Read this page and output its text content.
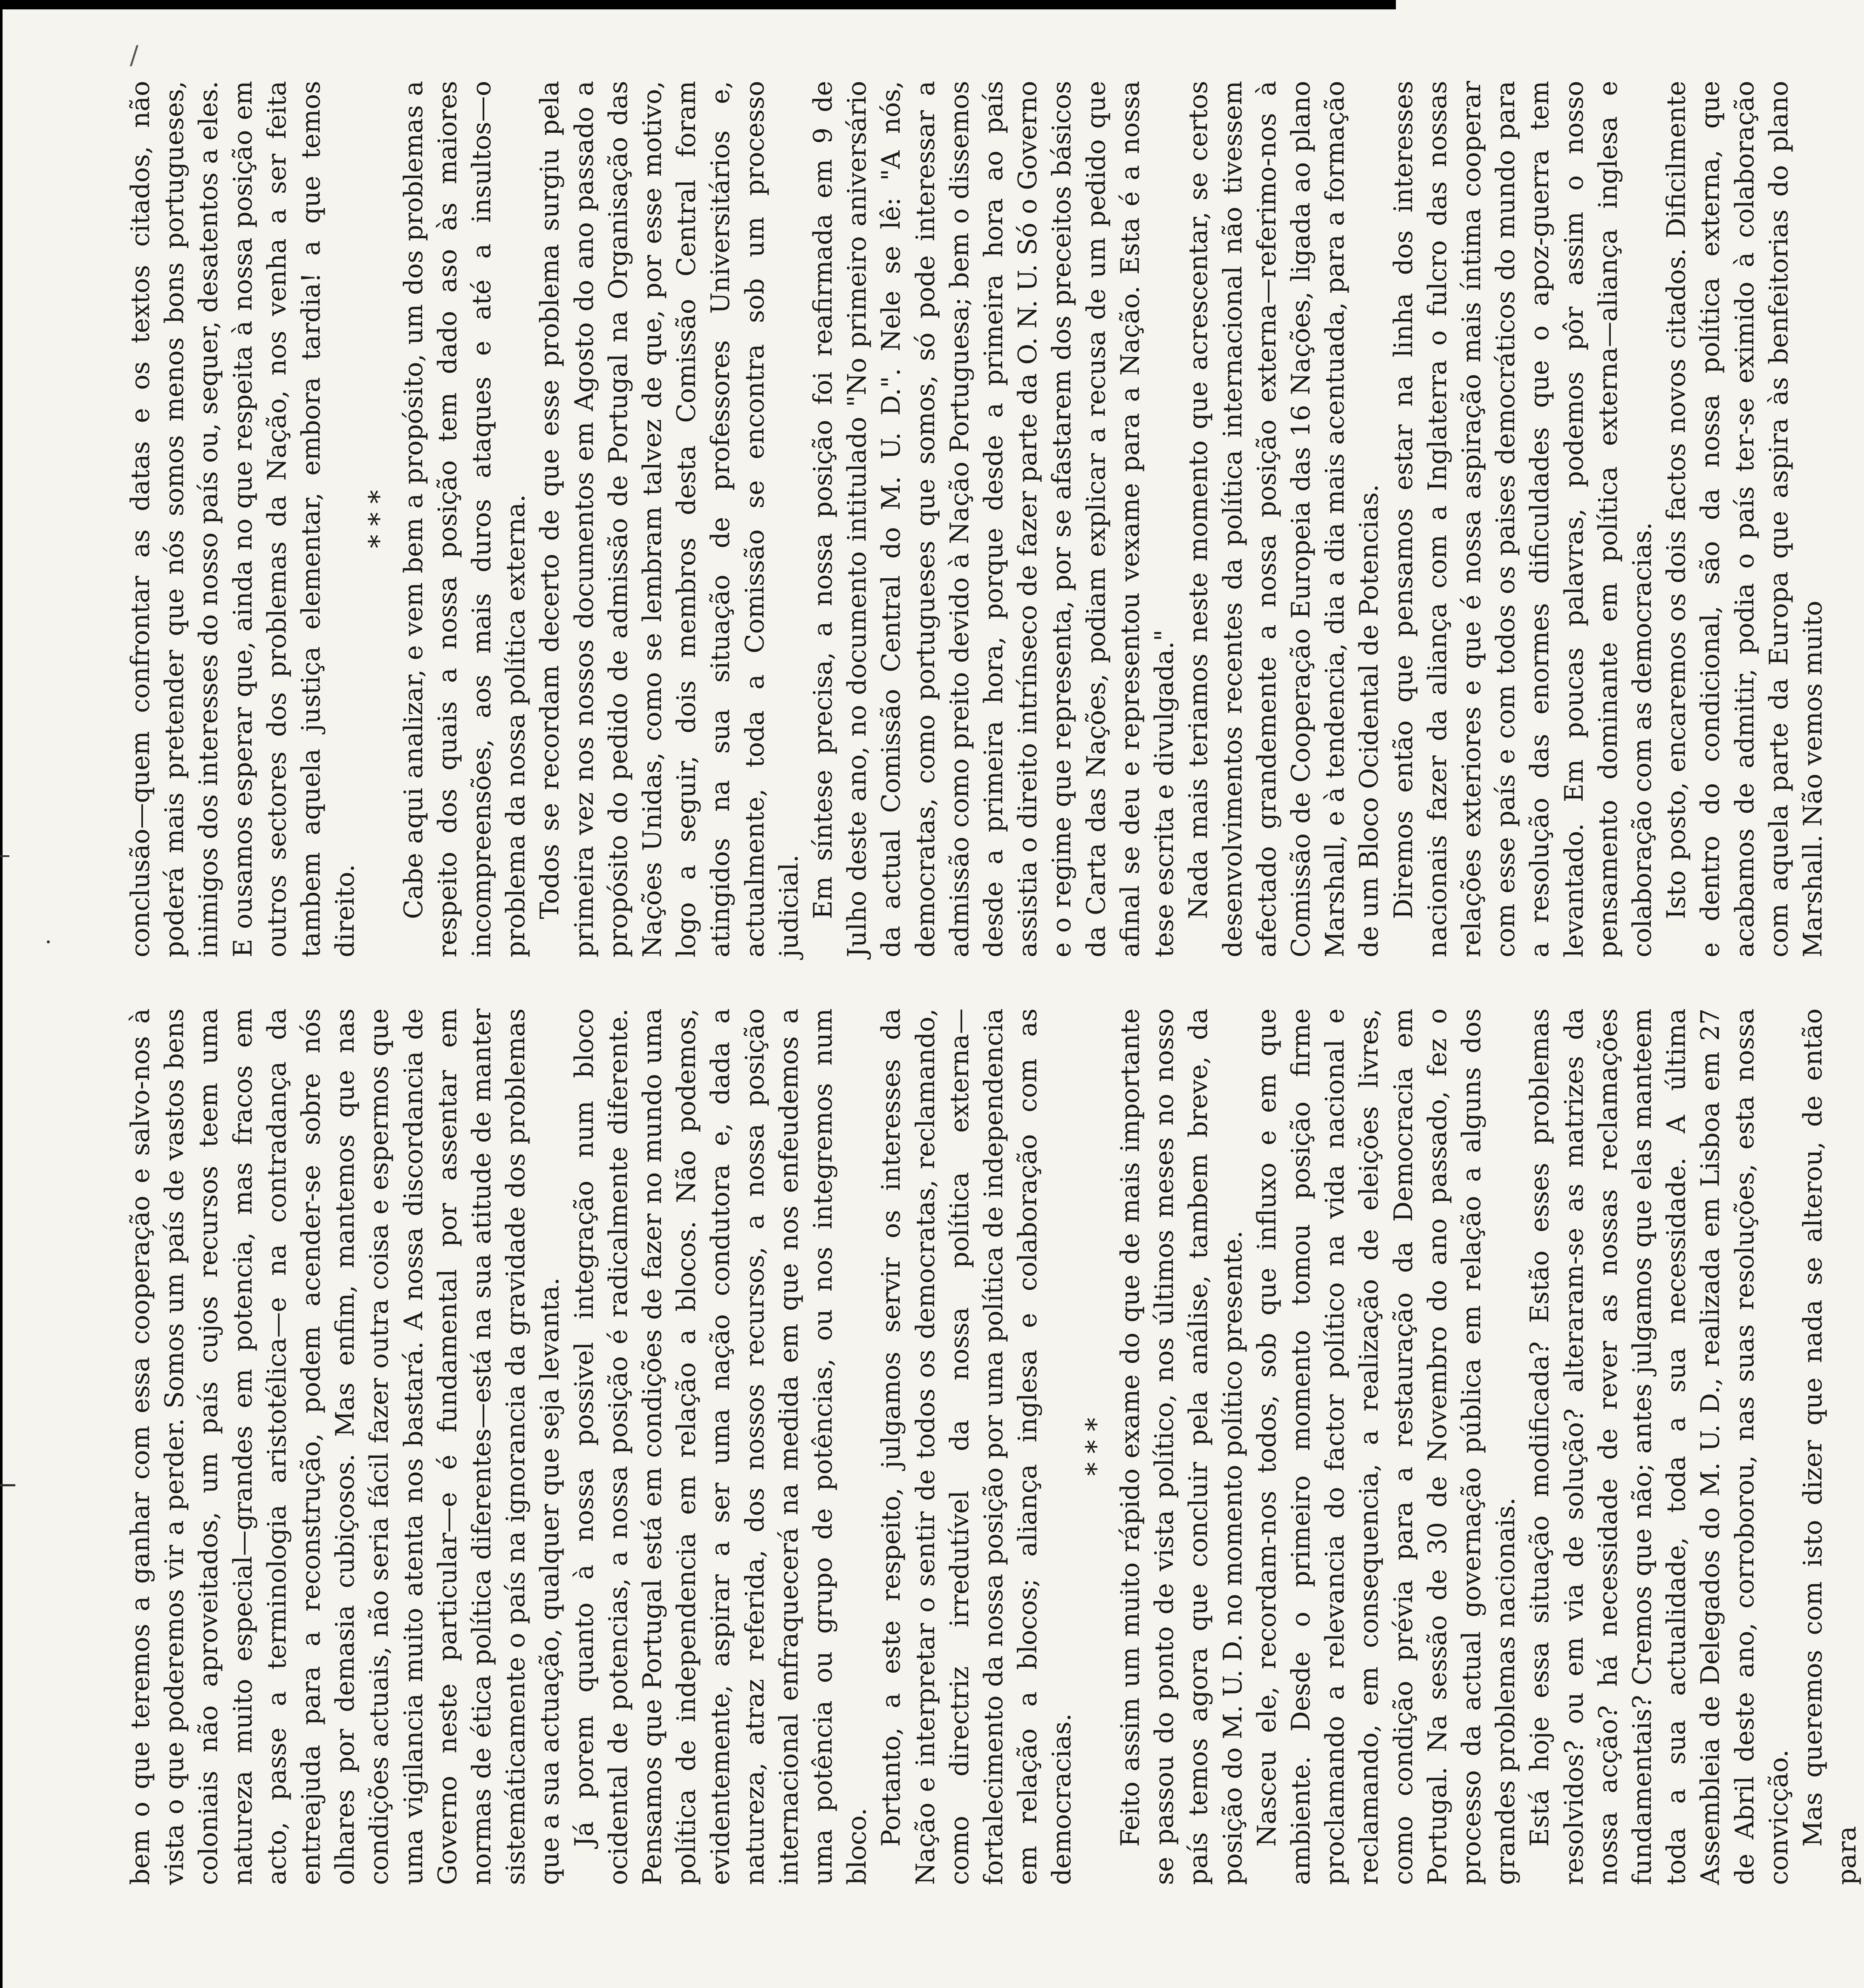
/

bem o que teremos a ganhar com essa cooperação e salvo-nos à vista o que poderemos vir a perder. Somos um país de vastos bens coloniais não aproveitados, um país cujos recursos teem uma natureza muito especial—grandes em potencia, mas fracos em acto, passe a terminologia aristotélica—e na contradança da entreajuda para a reconstrução, podem acender-se sobre nós olhares por demasia cubiçosos. Mas enfim, mantemos que nas condições actuais, não seria fácil fazer outra coisa e espermos que uma vigilancia muito atenta nos bastará. A nossa discordancia de Governo neste particular—e é fundamental por assentar em normas de ética política diferentes—está na sua atitude de manter sistemáticamente o país na ignorancia da gravidade dos problemas que a sua actuação, qualquer que seja levanta. Já porem quanto à nossa possivel integração num bloco ocidental de potencias, a nossa posição é radicalmente diferente. Pensamos que Portugal está em condições de fazer no mundo uma política de independencia em relação a blocos. Não podemos, evidentemente, aspirar a ser uma nação condutora e, dada a natureza, atraz referida, dos nossos recursos, a nossa posição internacional enfraquecerá na medida em que nos enfeudemos a uma potência ou grupo de potências, ou nos integremos num bloco. Portanto, a este respeito, julgamos servir os interesses da Nação e interpretar o sentir de todos os democratas, reclamando, como directriz irredutível da nossa política externa—fortalecimento da nossa posição por uma política de independencia em relação a blocos; aliança inglesa e colaboração com as democracias.

* * * Feito assim um muito rápido exame do que de mais importante se passou do ponto de vista político, nos últimos meses no nosso país temos agora que concluir pela análise, tambem breve, da posição do M. U. D. no momento político presente. Nasceu ele, recordam-nos todos, sob que influxo e em que ambiente. Desde o primeiro momento tomou posição firme proclamando a relevancia do factor político na vida nacional e reclamando, em consequencia, a realização de eleições livres, como condição prévia para a restauração da Democracia em Portugal. Na sessão de 30 de Novembro do ano passado, fez o processo da actual governação pública em relação a alguns dos grandes problemas nacionais. Está hoje essa situação modificada? Estão esses problemas resolvidos? ou em via de solução? alteraram-se as matrizes da nossa acção? há necessidade de rever as nossas reclamações fundamentais? Cremos que não; antes julgamos que elas manteem toda a sua actualidade, toda a sua necessidade. A última Assembleia de Delegados do M. U. D., realizada em Lisboa em 27 de Abril deste ano, corroborou, nas suas resoluções, esta nossa convicção. Mas queremos com isto dizer que nada se alterou, de então para

conclusão—quem confrontar as datas e os textos citados, não poderá mais pretender que nós somos menos bons portugueses, inimigos dos interesses do nosso país ou, sequer, desatentos a eles. E ousamos esperar que, ainda no que respeita à nossa posição em outros sectores dos problemas da Nação, nos venha a ser feita tambem aquela justiça elementar, embora tardia! a que temos direito.

* * * Cabe aqui analizar, e vem bem a propósito, um dos problemas a respeito dos quais a nossa posição tem dado aso às maiores incompreensões, aos mais duros ataques e até a insultos—o problema da nossa política externa. Todos se recordam decerto de que esse problema surgiu pela primeira vez nos nossos documentos em Agosto do ano passado a propósito do pedido de admissão de Portugal na Organisação das Nações Unidas, como se lembram talvez de que, por esse motivo, logo a seguir, dois membros desta Comissão Central foram atingidos na sua situação de professores Universitários e, actualmente, toda a Comissão se encontra sob um processo judicial. Em síntese precisa, a nossa posição foi reafirmada em 9 de Julho deste ano, no documento intitulado "No primeiro aniversário da actual Comissão Central do M. U. D.". Nele se lê: "A nós, democratas, como portugueses que somos, só pode interessar a admissão como preito devido à Nação Portuguesa; bem o dissemos desde a primeira hora, porque desde a primeira hora ao país assistia o direito intrínseco de fazer parte da O. N. U. Só o Governo e o regime que representa, por se afastarem dos preceitos básicos da Carta das Nações, podiam explicar a recusa de um pedido que afinal se deu e representou vexame para a Nação. Esta é a nossa tese escrita e divulgada." Nada mais teriamos neste momento que acrescentar, se certos desenvolvimentos recentes da política internacional não tivessem afectado grandemente a nossa posição externa—referimo-nos à Comissão de Cooperação Europeia das 16 Nações, ligada ao plano Marshall, e à tendencia, dia a dia mais acentuada, para a formação de um Bloco Ocidental de Potencias. Diremos então que pensamos estar na linha dos interesses nacionais fazer da aliança com a Inglaterra o fulcro das nossas relações exteriores e que é nossa aspiração mais íntima cooperar com esse país e com todos os paises democráticos do mundo para a resolução das enormes dificuldades que o apoz-guerra tem levantado. Em poucas palavras, podemos pôr assim o nosso pensamento dominante em política externa—aliança inglesa e colaboração com as democracias. Isto posto, encaremos os dois factos novos citados. Dificilmente e dentro do condicional, são da nossa política externa, que acabamos de admitir, podia o país ter-se eximido à colaboração com aquela parte da Europa que aspira às benfeitorias do plano Marshall. Não vemos muito
